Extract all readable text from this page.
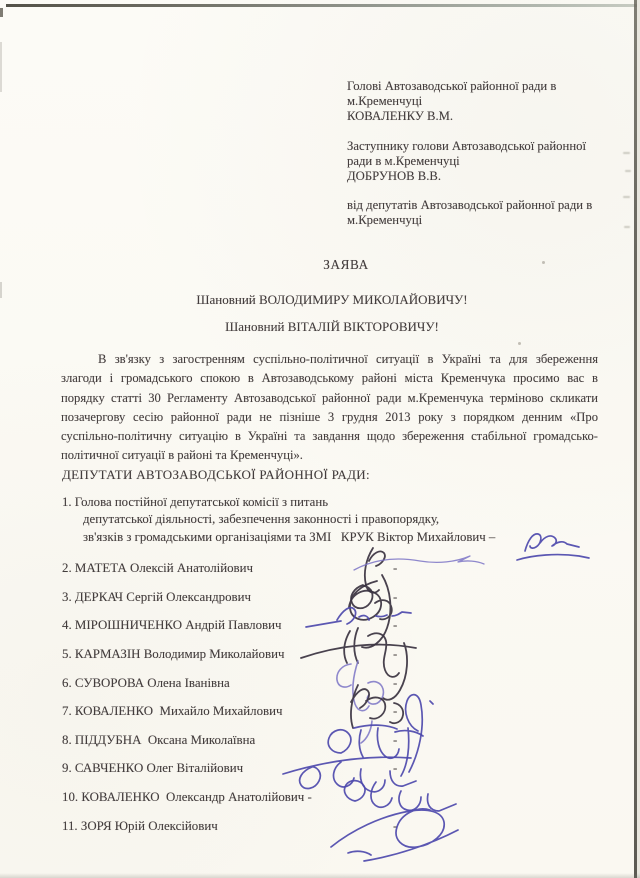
Голові Автозаводської районної ради в
м.Кременчуці
КОВАЛЕНКУ В.М.
Заступнику голови Автозаводської районної
ради в м.Кременчуці
ДОБРУНОВ В.В.
від депутатів Автозаводської районної ради в
м.Кременчуці
ЗАЯВА
Шановний ВОЛОДИМИРУ МИКОЛАЙОВИЧУ!
Шановний ВІТАЛІЙ ВІКТОРОВИЧУ!
В зв'язку з загостренням суспільно-політичної ситуації в Україні та для збереження
злагоди і громадського спокою в Автозаводському районі міста Кременчука просимо вас в
порядку статті 30 Регламенту Автозаводської районної ради м.Кременчука терміново скликати
позачергову сесію районної ради не пізніше 3 грудня 2013 року з порядком денним «Про
суспільно-політичну ситуацію в Україні та завдання щодо збереження стабільної громадсько-
політичної ситуації в районі та Кременчуці».
ДЕПУТАТИ АВТОЗАВОДСЬКОЇ РАЙОННОЇ РАДИ:
1. Голова постійної депутатської комісії з питань
депутатської діяльності, забезпечення законності і правопорядку,
зв'язків з громадськими організаціями та ЗМІ   КРУК Віктор Михайлович –
2. МАТЕТА Олексій Анатолійович	-
3. ДЕРКАЧ Сергій Олександрович	-
4. МІРОШНИЧЕНКО Андрій Павлович	-
5. КАРМАЗІН Володимир Миколайович	-
6. СУВОРОВА Олена Іванівна	-
7. КОВАЛЕНКО  Михайло Михайлович	-
8. ПІДДУБНА  Оксана Миколаївна	-
9. САВЧЕНКО Олег Віталійович	-
10. КОВАЛЕНКО  Олександр Анатолійович -
11. ЗОРЯ Юрій Олексійович	-
